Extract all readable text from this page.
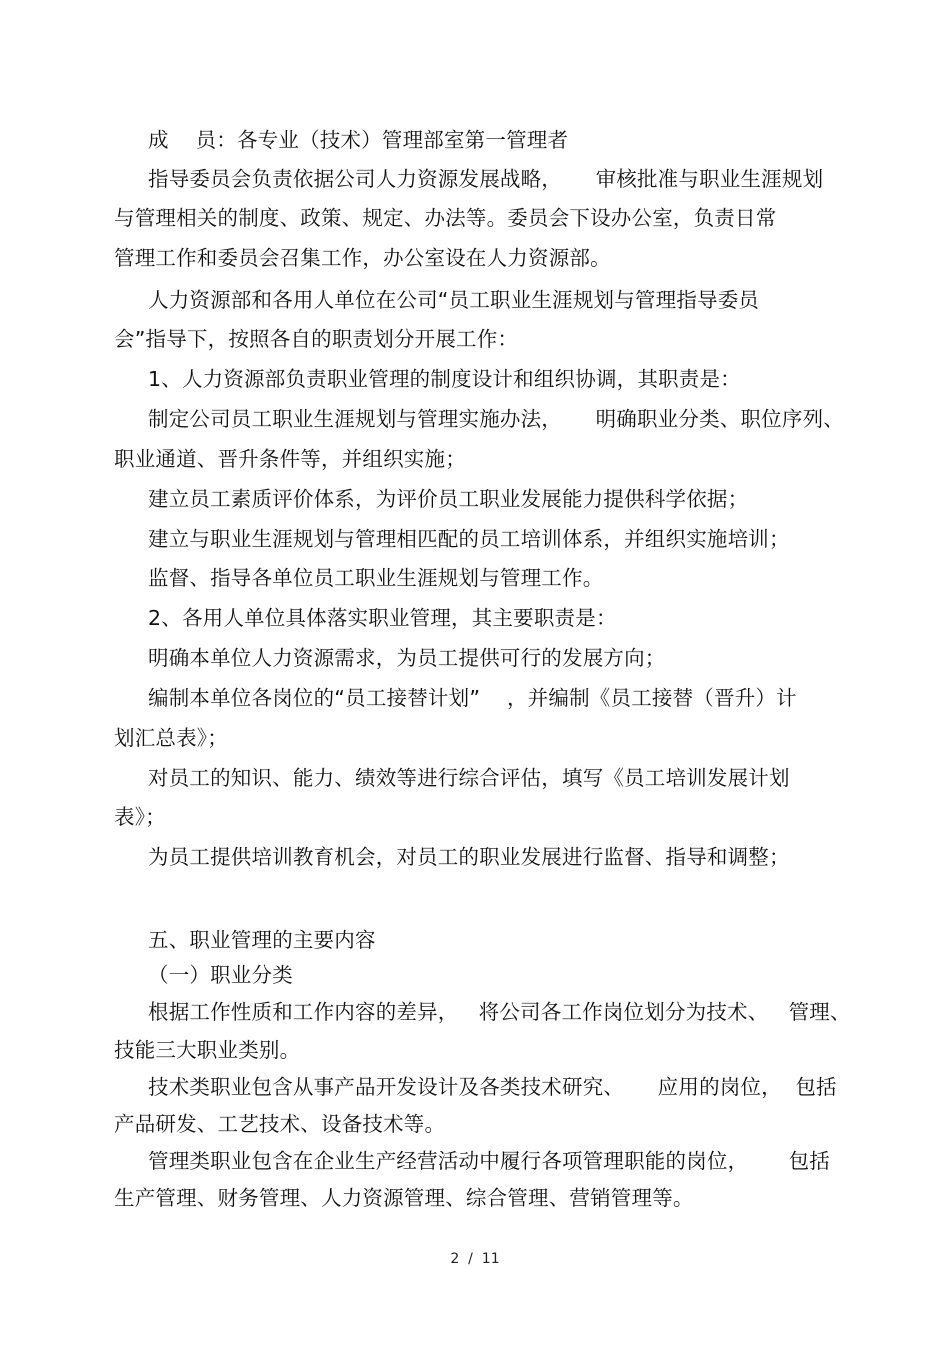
成    员：各专业（技术）管理部室第一管理者
指导委员会负责依据公司人力资源发展战略，     审核批准与职业生涯规划
与管理相关的制度、政策、规定、办法等。委员会下设办公室，负责日常
管理工作和委员会召集工作，办公室设在人力资源部。
人力资源部和各用人单位在公司“员工职业生涯规划与管理指导委员
会”指导下，按照各自的职责划分开展工作：
1、人力资源部负责职业管理的制度设计和组织协调，其职责是：
制定公司员工职业生涯规划与管理实施办法，     明确职业分类、职位序列、
职业通道、晋升条件等，并组织实施；
建立员工素质评价体系，为评价员工职业发展能力提供科学依据；
建立与职业生涯规划与管理相匹配的员工培训体系，并组织实施培训；
监督、指导各单位员工职业生涯规划与管理工作。
2、各用人单位具体落实职业管理，其主要职责是：
明确本单位人力资源需求，为员工提供可行的发展方向；
编制本单位各岗位的“员工接替计划”    ，并编制《员工接替（晋升）计
划汇总表》；
对员工的知识、能力、绩效等进行综合评估，填写《员工培训发展计划
表》；
为员工提供培训教育机会，对员工的职业发展进行监督、指导和调整；
五、职业管理的主要内容
（一）职业分类
根据工作性质和工作内容的差异，   将公司各工作岗位划分为技术、   管理、
技能三大职业类别。
技术类职业包含从事产品开发设计及各类技术研究、     应用的岗位，  包括
产品研发、工艺技术、设备技术等。
管理类职业包含在企业生产经营活动中履行各项管理职能的岗位，      包括
生产管理、财务管理、人力资源管理、综合管理、营销管理等。
2  /  11
